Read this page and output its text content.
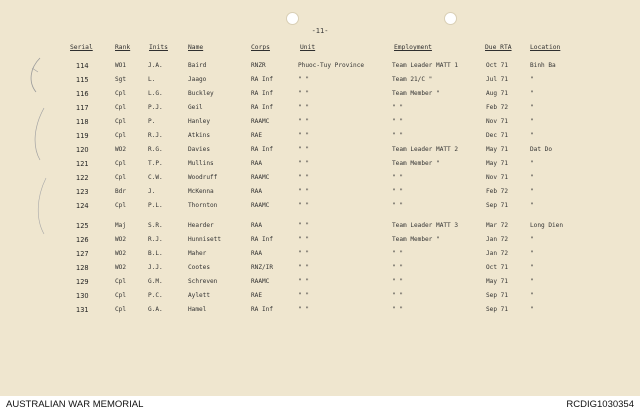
-11-
Serial	Rank	Inits	Name	Corps	Unit	Employment	Due RTA	Location
114	WO1	J.A.	Baird	RNZR	Phuoc-Tuy Province	Team Leader MATT 1	Oct 71	Binh Ba
115	Sgt	L.	Jaago	RA Inf	" "	Team 21/C "	Jul 71	"
116	Cpl	L.G.	Buckley	RA Inf	" "	Team Member "	Aug 71	"
117	Cpl	P.J.	Geil	RA Inf	" "	" "	Feb 72	"
118	Cpl	P.	Hanley	RAAMC	" "	" "	Nov 71	"
119	Cpl	R.J.	Atkins	RAE	" "	" "	Dec 71	"
120	WO2	R.G.	Davies	RA Inf	" "	Team Leader MATT 2	May 71	Dat Do
121	Cpl	T.P.	Mullins	RAA	" "	Team Member "	May 71	"
122	Cpl	C.W.	Woodruff	RAAMC	" "	" "	Nov 71	"
123	Bdr	J.	McKenna	RAA	" "	" "	Feb 72	"
124	Cpl	P.L.	Thornton	RAAMC	" "	" "	Sep 71	"
125	Maj	S.R.	Hearder	RAA	" "	Team Leader MATT 3	Mar 72	Long Dien
126	WO2	R.J.	Hunnisett	RA Inf	" "	Team Member "	Jan 72	"
127	WO2	B.L.	Maher	RAA	" "	" "	Jan 72	"
128	WO2	J.J.	Cootes	RNZ/IR	" "	" "	Oct 71	"
129	Cpl	G.M.	Schreven	RAAMC	" "	" "	May 71	"
130	Cpl	P.C.	Aylett	RAE	" "	" "	Sep 71	"
131	Cpl	G.A.	Hamel	RA Inf	" "	" "	Sep 71	"
AUSTRALIAN WAR MEMORIAL	RCDIG1030354
